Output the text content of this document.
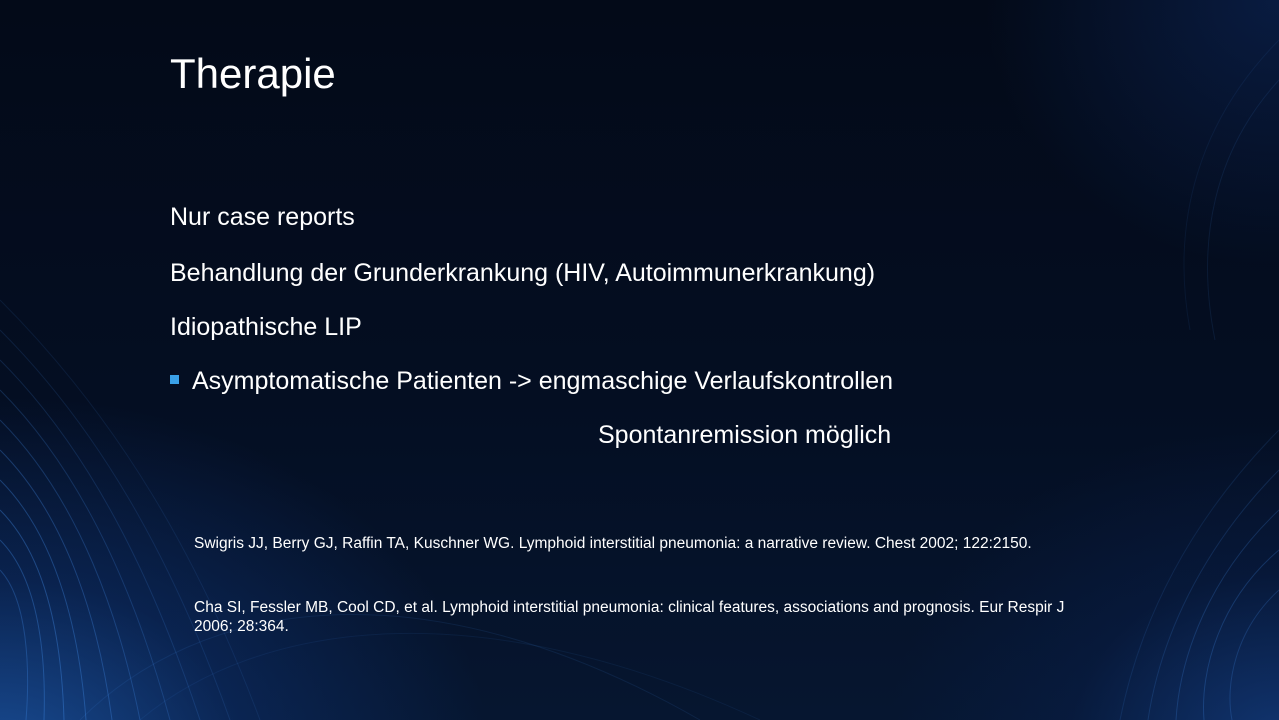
Therapie
Nur case reports
Behandlung der Grunderkrankung (HIV, Autoimmunerkrankung)
Idiopathische LIP
Asymptomatische Patienten -> engmaschige Verlaufskontrollen
Spontanremission möglich

Swigris JJ, Berry GJ, Raffin TA, Kuschner WG. Lymphoid interstitial pneumonia: a narrative review. Chest 2002; 122:2150.

Cha SI, Fessler MB, Cool CD, et al. Lymphoid interstitial pneumonia: clinical features, associations and prognosis. Eur Respir J 2006; 28:364.
